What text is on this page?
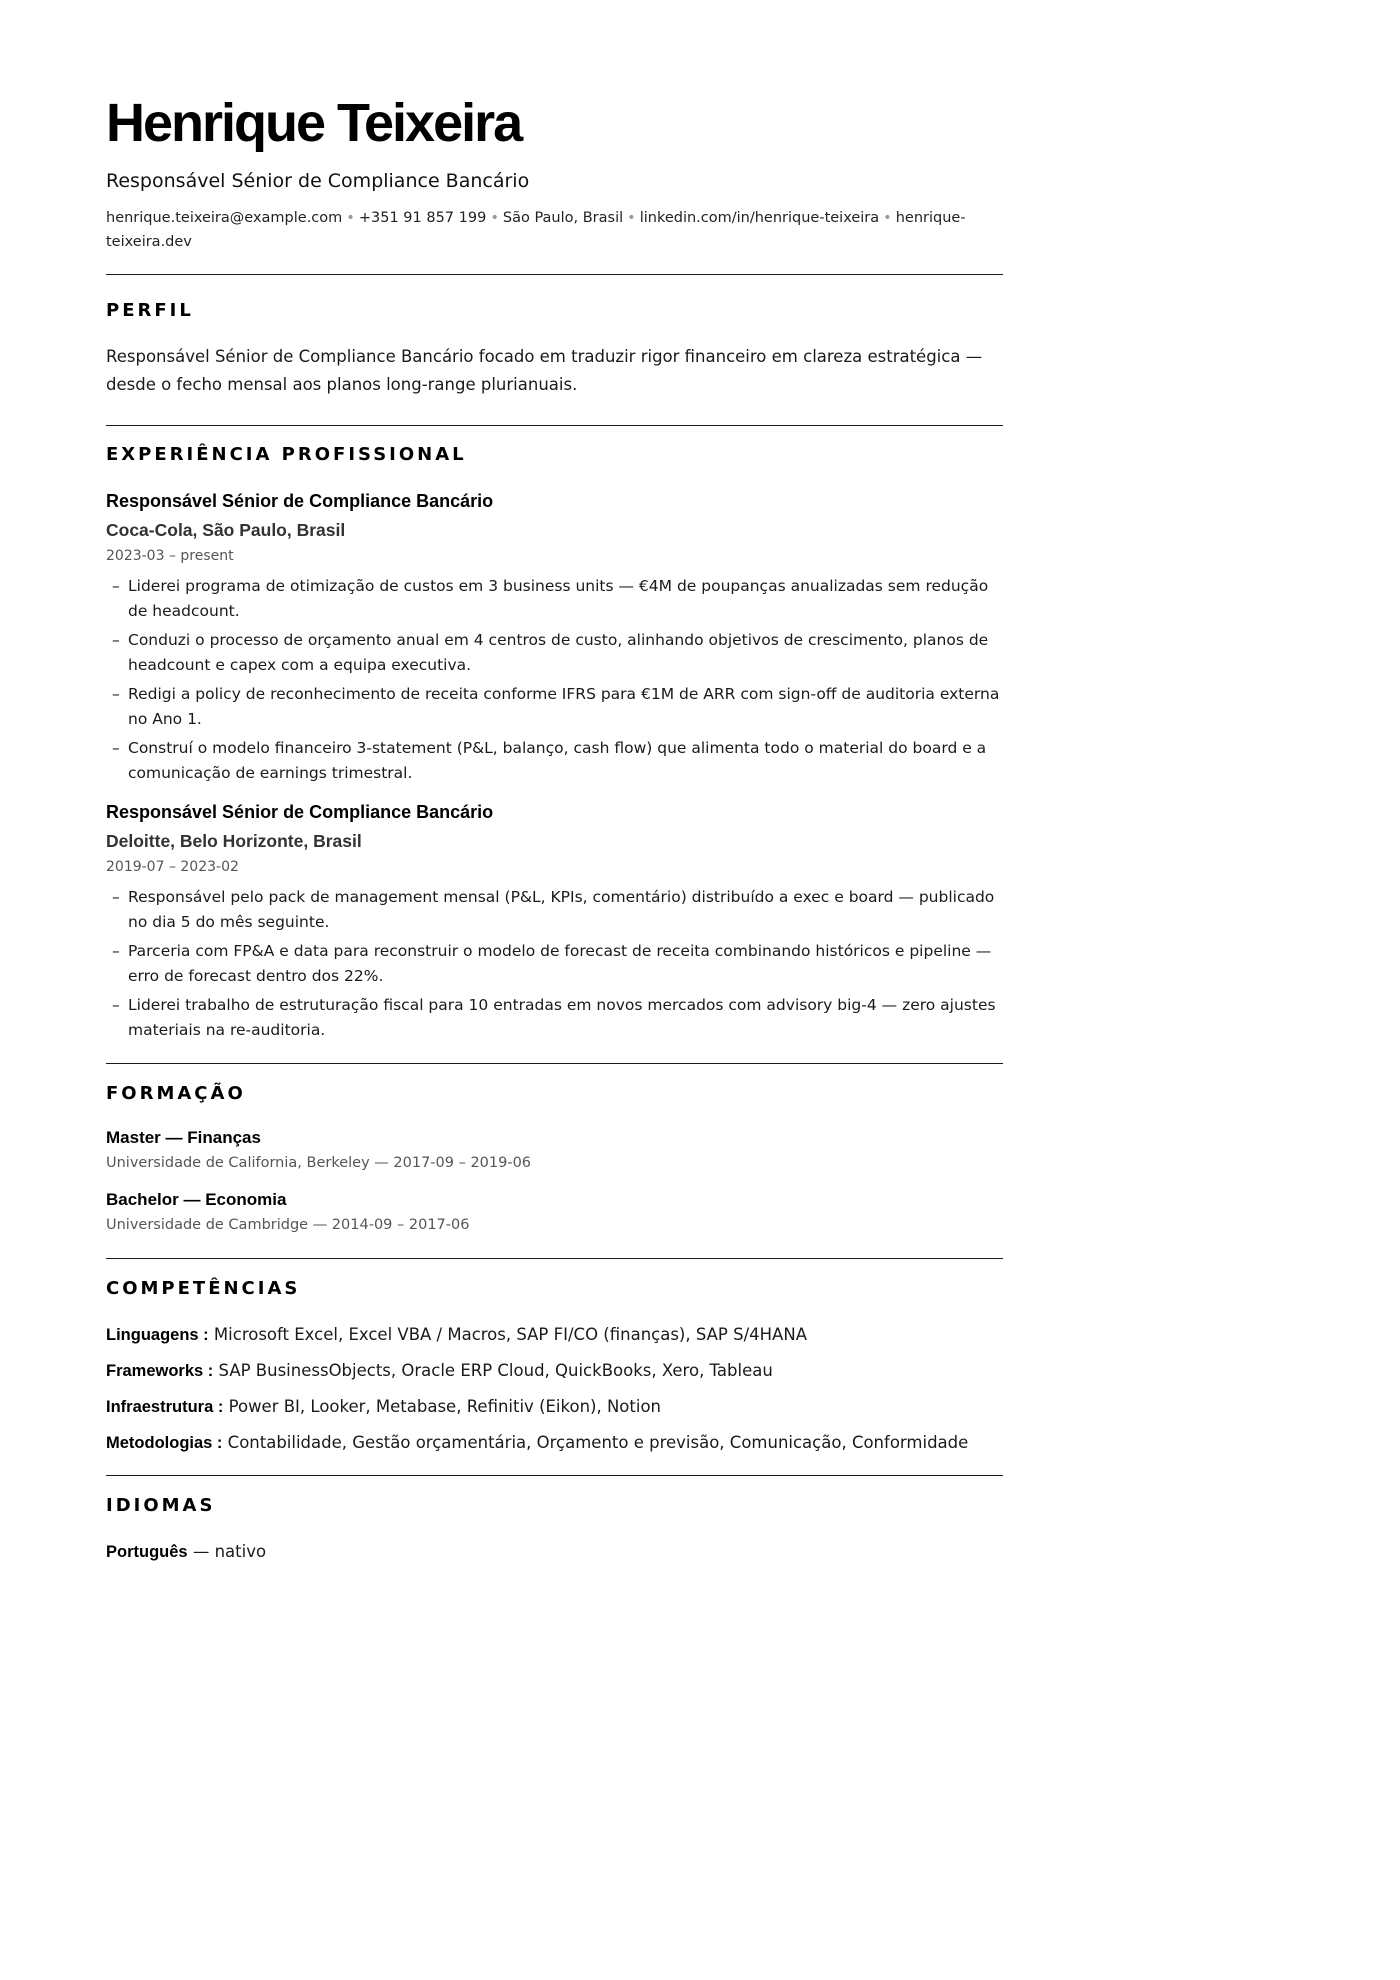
Henrique Teixeira
Responsável Sénior de Compliance Bancário
henrique.teixeira@example.com • +351 91 857 199 • São Paulo, Brasil • linkedin.com/in/henrique-teixeira • henrique-teixeira.dev
PERFIL
Responsável Sénior de Compliance Bancário focado em traduzir rigor financeiro em clareza estratégica — desde o fecho mensal aos planos long-range plurianuais.
EXPERIÊNCIA PROFISSIONAL
Responsável Sénior de Compliance Bancário
Coca-Cola, São Paulo, Brasil
2023-03 – present
– Liderei programa de otimização de custos em 3 business units — €4M de poupanças anualizadas sem redução de headcount.
– Conduzi o processo de orçamento anual em 4 centros de custo, alinhando objetivos de crescimento, planos de headcount e capex com a equipa executiva.
– Redigi a policy de reconhecimento de receita conforme IFRS para €1M de ARR com sign-off de auditoria externa no Ano 1.
– Construí o modelo financeiro 3-statement (P&L, balanço, cash flow) que alimenta todo o material do board e a comunicação de earnings trimestral.
Responsável Sénior de Compliance Bancário
Deloitte, Belo Horizonte, Brasil
2019-07 – 2023-02
– Responsável pelo pack de management mensal (P&L, KPIs, comentário) distribuído a exec e board — publicado no dia 5 do mês seguinte.
– Parceria com FP&A e data para reconstruir o modelo de forecast de receita combinando históricos e pipeline — erro de forecast dentro dos 22%.
– Liderei trabalho de estruturação fiscal para 10 entradas em novos mercados com advisory big-4 — zero ajustes materiais na re-auditoria.
FORMAÇÃO
Master — Finanças
Universidade de California, Berkeley — 2017-09 – 2019-06
Bachelor — Economia
Universidade de Cambridge — 2014-09 – 2017-06
COMPETÊNCIAS
Linguagens : Microsoft Excel, Excel VBA / Macros, SAP FI/CO (finanças), SAP S/4HANA
Frameworks : SAP BusinessObjects, Oracle ERP Cloud, QuickBooks, Xero, Tableau
Infraestrutura : Power BI, Looker, Metabase, Refinitiv (Eikon), Notion
Metodologias : Contabilidade, Gestão orçamentária, Orçamento e previsão, Comunicação, Conformidade
IDIOMAS
Português — nativo
